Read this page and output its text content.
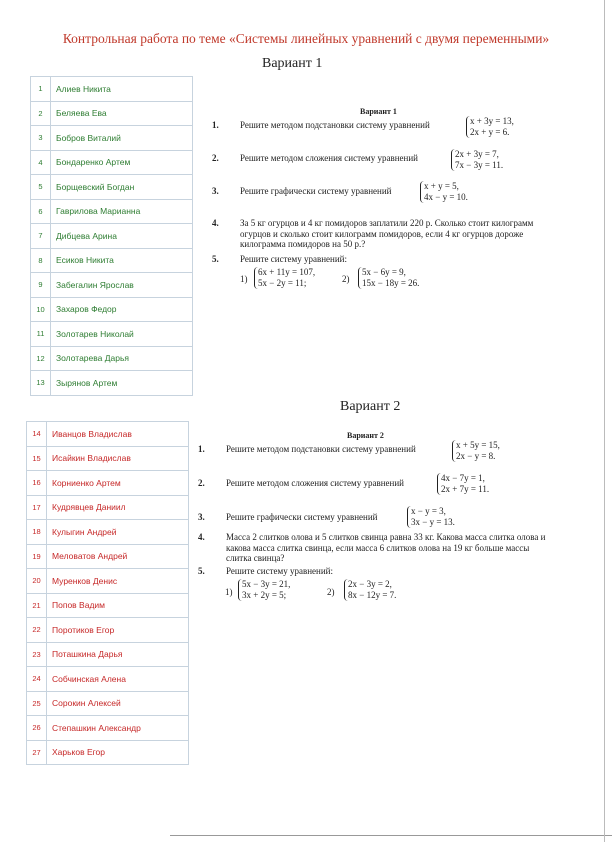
Контрольная работа по теме «Системы линейных уравнений с двумя переменными»
Вариант 1
1	Алиев Никита
2	Беляева Ева
3	Бобров Виталий
4	Бондаренко Артем
5	Борщевский Богдан
6	Гаврилова Марианна
7	Дибцева Арина
8	Есиков Никита
9	Забегалин Ярослав
10	Захаров Федор
11	Золотарев Николай
12	Золотарева Дарья
13	Зырянов Артем
Вариант 1
1. Решите методом подстановки систему уравнений	x + 3y = 13,
2x + y = 6.
2. Решите методом сложения систему уравнений	2x + 3y = 7,
7x − 3y = 11.
3. Решите графически систему уравнений	x + y = 5,
4x − y = 10.
4. За 5 кг огурцов и 4 кг помидоров заплатили 220 р. Сколько стоит килограмм огурцов и сколько стоит килограмм помидоров, если 4 кг огурцов дороже килограмма помидоров на 50 р.?
5. Решите систему уравнений:
1)
6x + 11y = 107,
5x − 2y = 11;	2)
5x − 6y = 9,
15x − 18y = 26.
Вариант 2
14	Иванцов Владислав
15	Исайкин Владислав
16	Корниенко Артем
17	Кудрявцев Даниил
18	Кулыгин Андрей
19	Меловатов Андрей
20	Муренков Денис
21	Попов Вадим
22	Поротиков Егор
23	Поташкина Дарья
24	Собчинская Алена
25	Сорокин Алексей
26	Степашкин Александр
27	Харьков Егор
Вариант 2
1. Решите методом подстановки систему уравнений	x + 5y = 15,
2x − y = 8.
2. Решите методом сложения систему уравнений	4x − 7y = 1,
2x + 7y = 11.
3. Решите графически систему уравнений
x − y = 3,
3x − y = 13.
4. Масса 2 слитков олова и 5 слитков свинца равна 33 кг. Какова масса слитка олова и какова масса слитка свинца, если масса 6 слитков олова на 19 кг больше массы слитка свинца?
5. Решите систему уравнений:
1)
5x − 3y = 21,
3x + 2y = 5;	2)
2x − 3y = 2,
8x − 12y = 7.
